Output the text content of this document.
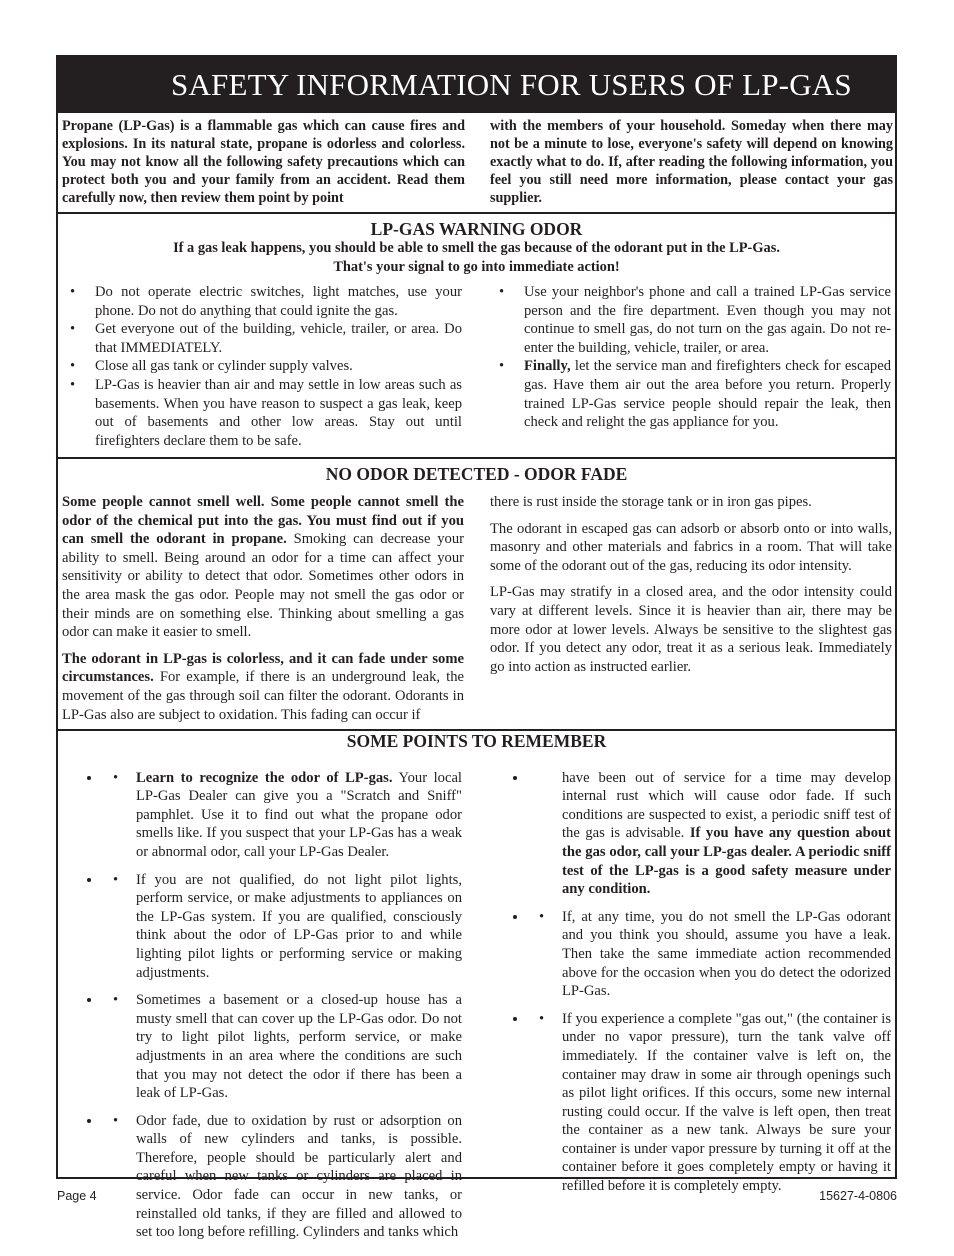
SAFETY INFORMATION FOR USERS OF LP-GAS
Propane (LP-Gas) is a flammable gas which can cause fires and explosions. In its natural state, propane is odorless and colorless. You may not know all the following safety precautions which can protect both you and your family from an accident. Read them carefully now, then review them point by point
with the members of your household. Someday when there may not be a minute to lose, everyone's safety will depend on knowing exactly what to do. If, after reading the following information, you feel you still need more information, please contact your gas supplier.
LP-GAS WARNING ODOR
If a gas leak happens, you should be able to smell the gas because of the odorant put in the LP-Gas.
That's your signal to go into immediate action!
• Do not operate electric switches, light matches, use your phone. Do not do anything that could ignite the gas.
• Get everyone out of the building, vehicle, trailer, or area. Do that IMMEDIATELY.
• Close all gas tank or cylinder supply valves.
• LP-Gas is heavier than air and may settle in low areas such as basements. When you have reason to suspect a gas leak, keep out of basements and other low areas. Stay out until firefighters declare them to be safe.
• Use your neighbor's phone and call a trained LP-Gas service person and the fire department. Even though you may not continue to smell gas, do not turn on the gas again. Do not re-enter the building, vehicle, trailer, or area.
• Finally, let the service man and firefighters check for escaped gas. Have them air out the area before you return. Properly trained LP-Gas service people should repair the leak, then check and relight the gas appliance for you.
NO ODOR DETECTED - ODOR FADE

Some people cannot smell well. Some people cannot smell the odor of the chemical put into the gas. You must find out if you can smell the odorant in propane. Smoking can decrease your ability to smell. Being around an odor for a time can affect your sensitivity or ability to detect that odor. Sometimes other odors in the area mask the gas odor. People may not smell the gas odor or their minds are on something else. Thinking about smelling a gas odor can make it easier to smell.

The odorant in LP-gas is colorless, and it can fade under some circumstances. For example, if there is an underground leak, the movement of the gas through soil can filter the odorant. Odorants in LP-Gas also are subject to oxidation. This fading can occur if

there is rust inside the storage tank or in iron gas pipes.

The odorant in escaped gas can adsorb or absorb onto or into walls, masonry and other materials and fabrics in a room. That will take some of the odorant out of the gas, reducing its odor intensity.

LP-Gas may stratify in a closed area, and the odor intensity could vary at different levels. Since it is heavier than air, there may be more odor at lower levels. Always be sensitive to the slightest gas odor. If you detect any odor, treat it as a serious leak. Immediately go into action as instructed earlier.

SOME POINTS TO REMEMBER
• • Learn to recognize the odor of LP-gas. Your local LP-Gas Dealer can give you a "Scratch and Sniff" pamphlet. Use it to find out what the propane odor smells like. If you suspect that your LP-Gas has a weak or abnormal odor, call your LP-Gas Dealer.
• • If you are not qualified, do not light pilot lights, perform service, or make adjustments to appliances on the LP-Gas system. If you are qualified, consciously think about the odor of LP-Gas prior to and while lighting pilot lights or performing service or making adjustments.
• • Sometimes a basement or a closed-up house has a musty smell that can cover up the LP-Gas odor. Do not try to light pilot lights, perform service, or make adjustments in an area where the conditions are such that you may not detect the odor if there has been a leak of LP-Gas.
• • Odor fade, due to oxidation by rust or adsorption on walls of new cylinders and tanks, is possible. Therefore, people should be particularly alert and careful when new tanks or cylinders are placed in service. Odor fade can occur in new tanks, or reinstalled old tanks, if they are filled and allowed to set too long before refilling. Cylinders and tanks which
• have been out of service for a time may develop internal rust which will cause odor fade. If such conditions are suspected to exist, a periodic sniff test of the gas is advisable. If you have any question about the gas odor, call your LP-gas dealer. A periodic sniff test of the LP-gas is a good safety measure under any condition.
• • If, at any time, you do not smell the LP-Gas odorant and you think you should, assume you have a leak. Then take the same immediate action recommended above for the occasion when you do detect the odorized LP-Gas.
• • If you experience a complete "gas out," (the container is under no vapor pressure), turn the tank valve off immediately. If the container valve is left on, the container may draw in some air through openings such as pilot light orifices. If this occurs, some new internal rusting could occur. If the valve is left open, then treat the container as a new tank. Always be sure your container is under vapor pressure by turning it off at the container before it goes completely empty or having it refilled before it is completely empty.
Page 4	15627-4-0806
